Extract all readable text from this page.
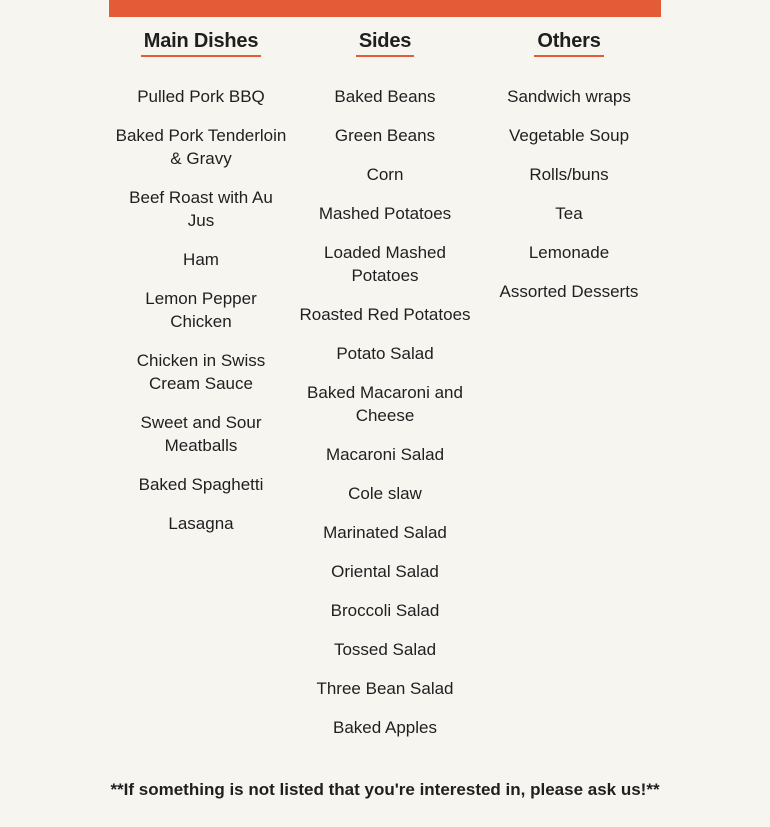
Main Dishes
Pulled Pork BBQ
Baked Pork Tenderloin & Gravy
Beef Roast with Au Jus
Ham
Lemon Pepper Chicken
Chicken in Swiss Cream Sauce
Sweet and Sour Meatballs
Baked Spaghetti
Lasagna
Sides
Baked Beans
Green Beans
Corn
Mashed Potatoes
Loaded Mashed Potatoes
Roasted Red Potatoes
Potato Salad
Baked Macaroni and Cheese
Macaroni Salad
Cole slaw
Marinated Salad
Oriental Salad
Broccoli Salad
Tossed Salad
Three Bean Salad
Baked Apples
Others
Sandwich wraps
Vegetable Soup
Rolls/buns
Tea
Lemonade
Assorted Desserts
**If something is not listed that you're interested in, please ask us!**
